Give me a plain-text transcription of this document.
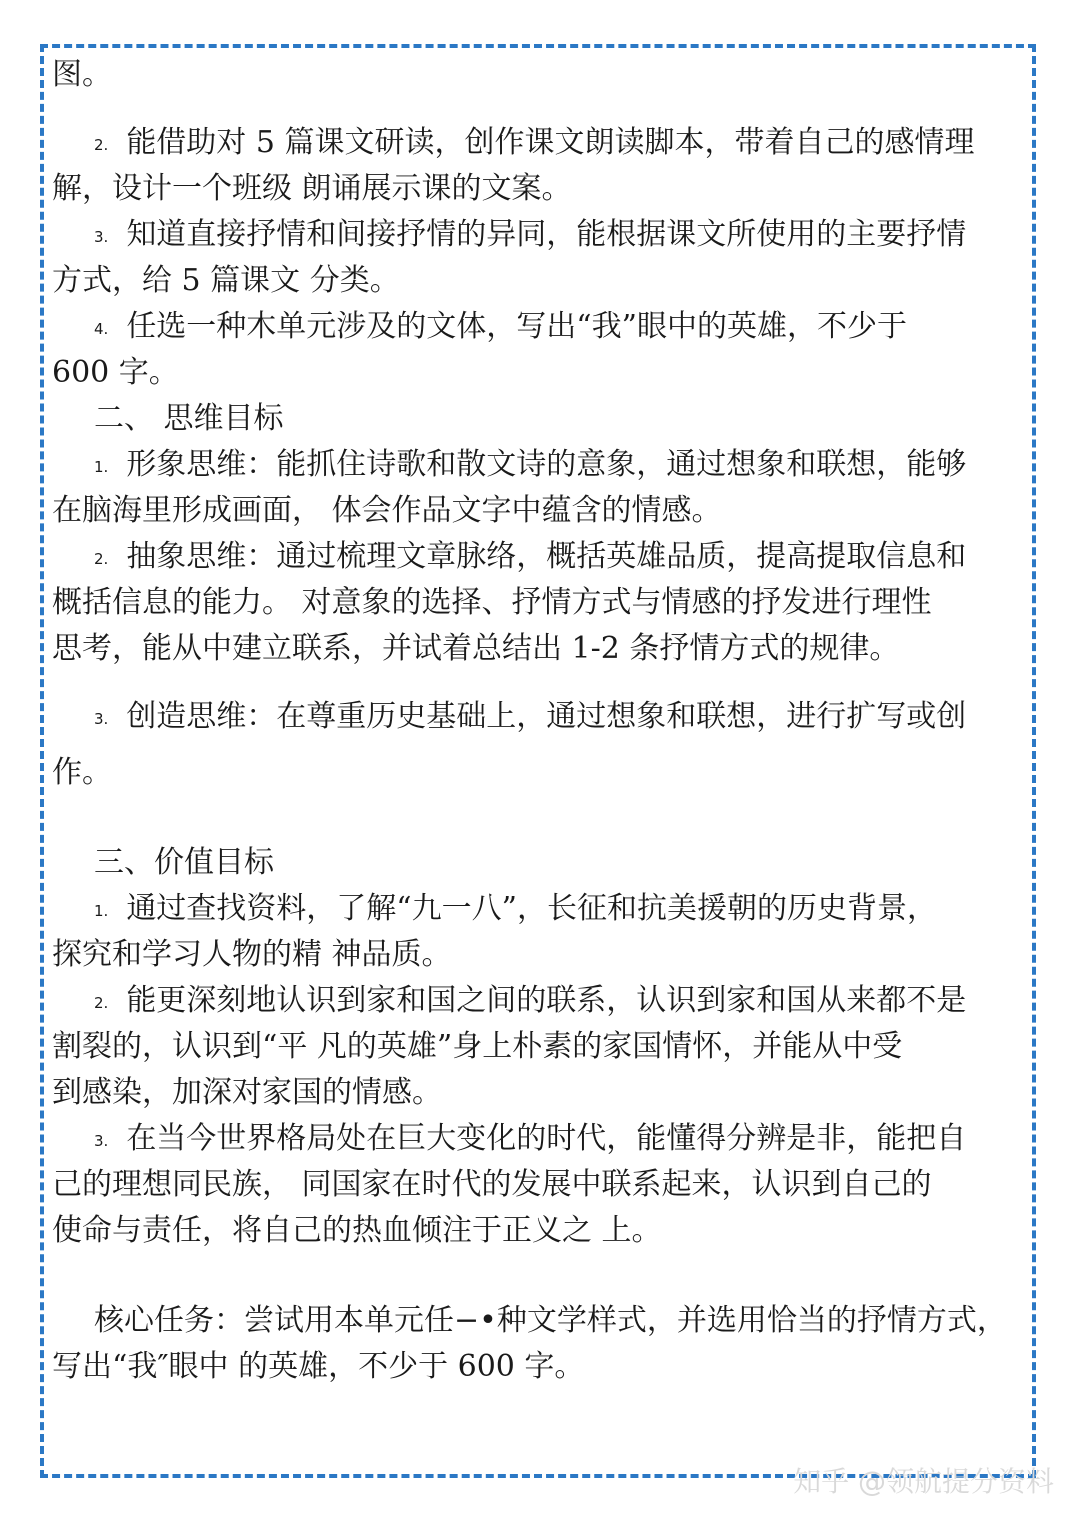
图。
2. 能借助对 5 篇课文研读，创作课文朗读脚本，带着自己的感情理
解，设计一个班级 朗诵展示课的文案。
3. 知道直接抒情和间接抒情的异同，能根据课文所使用的主要抒情
方式，给 5 篇课文 分类。
4. 任选一种木单元涉及的文体，写出“我”眼中的英雄，不少于
600 字。
二、 思维目标
1. 形象思维：能抓住诗歌和散文诗的意象，通过想象和联想，能够
在脑海里形成画面， 体会作品文字中蕴含的情感。
2. 抽象思维：通过梳理文章脉络，概括英雄品质，提高提取信息和
概括信息的能力。 对意象的选择、抒情方式与情感的抒发进行理性
思考，能从中建立联系，并试着总结出 1-2 条抒情方式的规律。
3. 创造思维：在尊重历史基础上，通过想象和联想，进行扩写或创
作。
三、价值目标
1. 通过查找资料，了解“九一八”，长征和抗美援朝的历史背景，
探究和学习人物的精 神品质。
2. 能更深刻地认识到家和国之间的联系，认识到家和国从来都不是
割裂的，认识到“平 凡的英雄”身上朴素的家国情怀，并能从中受
到感染，加深对家国的情感。
3. 在当今世界格局处在巨大变化的时代，能懂得分辨是非，能把自
己的理想同民族， 同国家在时代的发展中联系起来，认识到自己的
使命与责任，将自己的热血倾注于正义之 上。
核心任务：尝试用本单元任−•种文学样式，并选用恰当的抒情方式，
写出“我″眼中 的英雄，不少于 600 字。
知乎 @领航提分资料
